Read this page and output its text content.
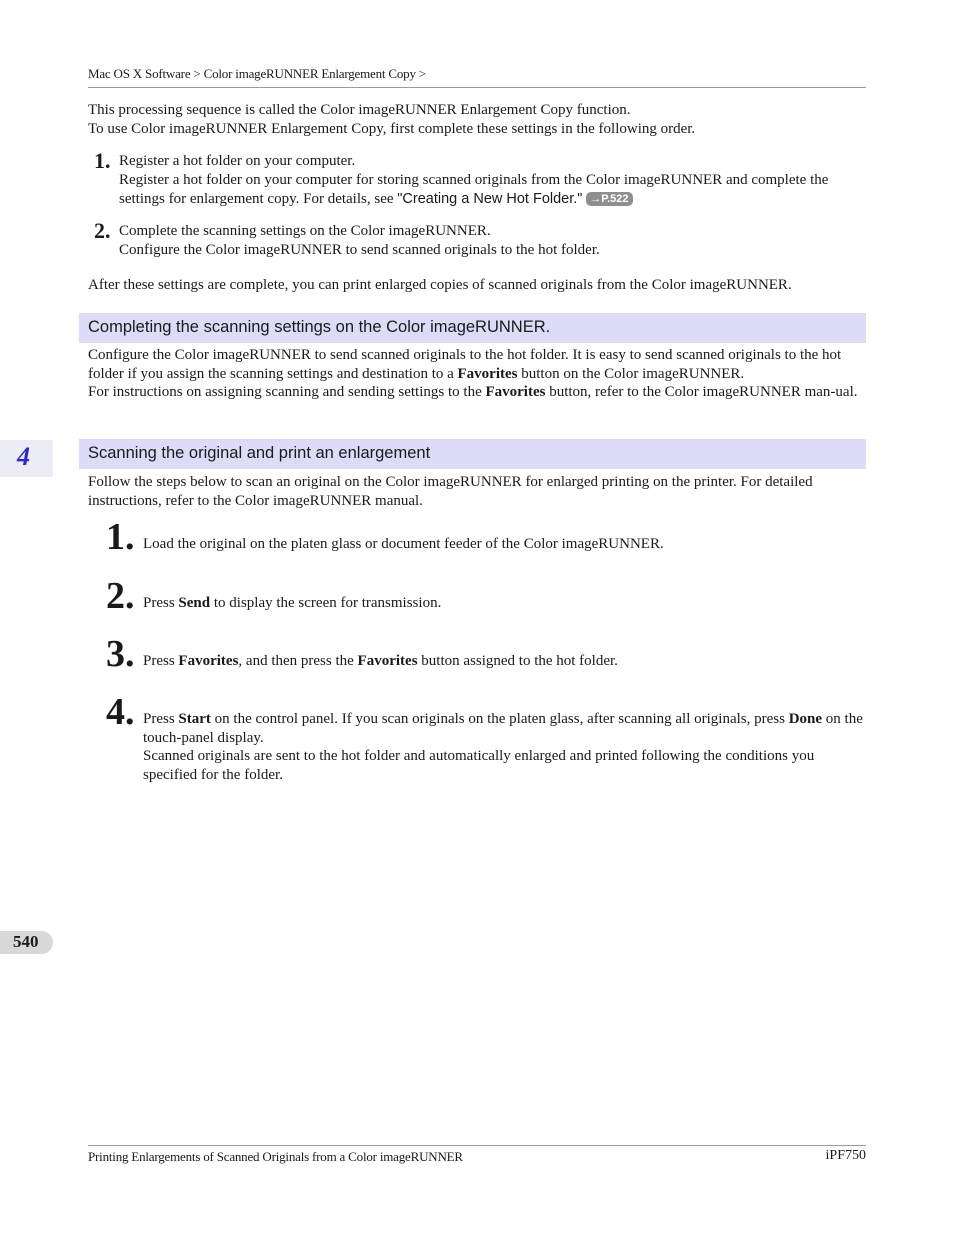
Mac OS X Software > Color imageRUNNER Enlargement Copy >
This processing sequence is called the Color imageRUNNER Enlargement Copy function.
To use Color imageRUNNER Enlargement Copy, first complete these settings in the following order.
1. Register a hot folder on your computer.
Register a hot folder on your computer for storing scanned originals from the Color imageRUNNER and complete the settings for enlargement copy. For details, see "Creating a New Hot Folder." →P.522
2. Complete the scanning settings on the Color imageRUNNER.
Configure the Color imageRUNNER to send scanned originals to the hot folder.
After these settings are complete, you can print enlarged copies of scanned originals from the Color imageRUNNER.
Completing the scanning settings on the Color imageRUNNER.
Configure the Color imageRUNNER to send scanned originals to the hot folder. It is easy to send scanned originals to the hot folder if you assign the scanning settings and destination to a Favorites button on the Color imageRUNNER.
For instructions on assigning scanning and sending settings to the Favorites button, refer to the Color imageRUNNER man-ual.
4	Scanning the original and print an enlargement
Follow the steps below to scan an original on the Color imageRUNNER for enlarged printing on the printer. For detailed instructions, refer to the Color imageRUNNER manual.
1. Load the original on the platen glass or document feeder of the Color imageRUNNER.
2. Press Send to display the screen for transmission.
3. Press Favorites, and then press the Favorites button assigned to the hot folder.
4. Press Start on the control panel. If you scan originals on the platen glass, after scanning all originals, press Done on the touch-panel display.
Scanned originals are sent to the hot folder and automatically enlarged and printed following the conditions you specified for the folder.
540
Printing Enlargements of Scanned Originals from a Color imageRUNNER	iPF750
